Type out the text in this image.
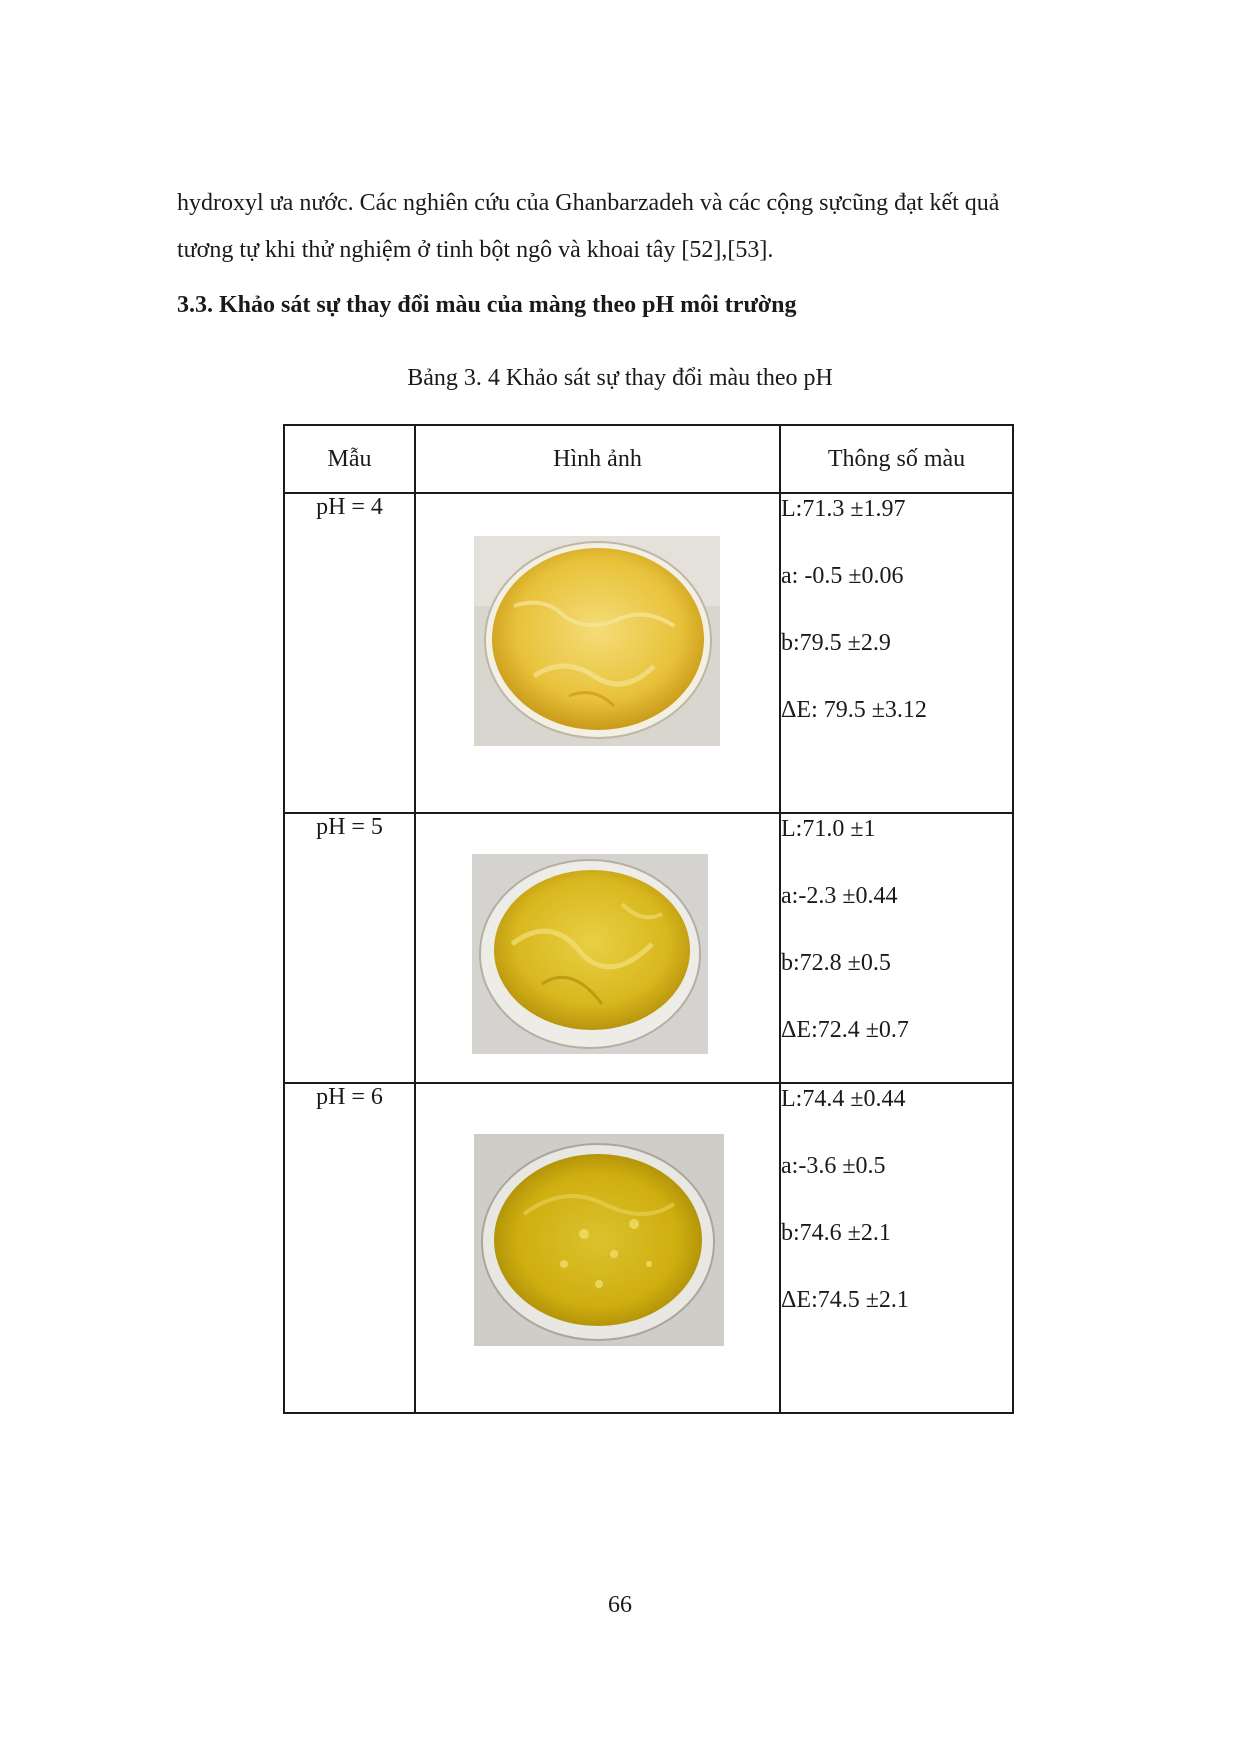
hydroxyl ưa nước. Các nghiên cứu của Ghanbarzadeh và các cộng sựcũng đạt kết quả

tương tự khi thử nghiệm ở tinh bột ngô và khoai tây [52],[53].

3.3. Khảo sát sự thay đổi màu của màng theo pH môi trường

Bảng 3. 4 Khảo sát sự thay đổi màu theo pH

Mẫu	Hình ảnh	Thông số màu
pH = 4		L:71.3 ±1.97
a: -0.5 ±0.06
b:79.5 ±2.9
ΔE: 79.5 ±3.12

pH = 5		L:71.0 ±1
a:-2.3 ±0.44
b:72.8 ±0.5
ΔE:72.4 ±0.7

pH = 6		L:74.4 ±0.44
a:-3.6 ±0.5
b:74.6 ±2.1
ΔE:74.5 ±2.1

66
